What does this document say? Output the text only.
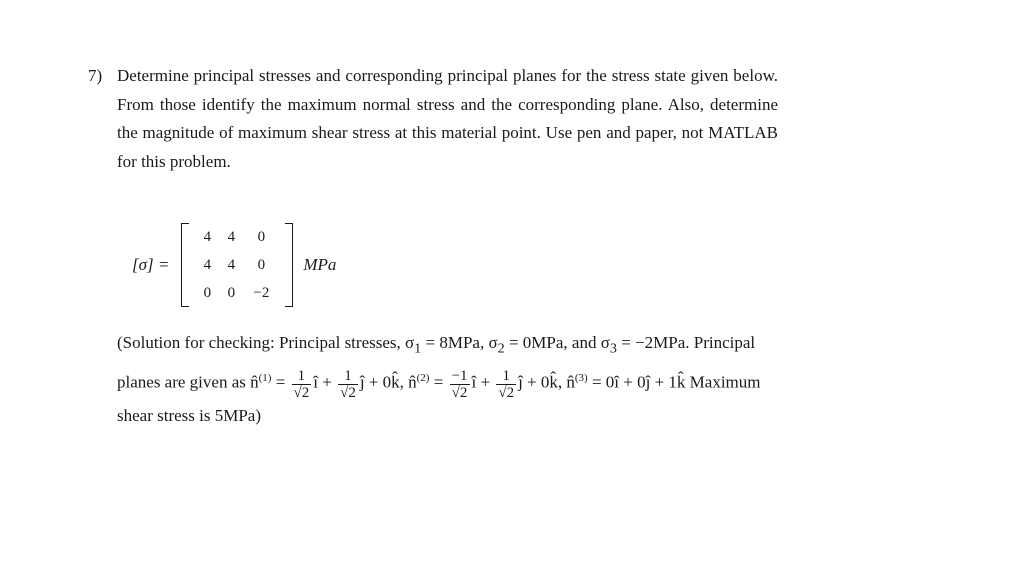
7) Determine principal stresses and corresponding principal planes for the stress state given below. From those identify the maximum normal stress and the corresponding plane. Also, determine the magnitude of maximum shear stress at this material point. Use pen and paper, not MATLAB for this problem.
[σ] =
4	4	0
4	4	0
0	0	−2
MPa
(Solution for checking: Principal stresses, $\sigma_1 = 8MPa$, $\sigma_2 = 0MPa$, and $\sigma_3 = -2MPa$. Principal planes are given as n̂$^{(1)}$ = $\frac{1}{√2}$ î + $\frac{1}{√2}$ ĵ + 0k̂, n̂$^{(2)}$ = $\frac{-1}{√2}$ î + $\frac{1}{√2}$ ĵ + 0k̂, n̂$^{(3)}$ = 0î + 0ĵ + 1k̂ Maximum shear stress is 5MPa)
